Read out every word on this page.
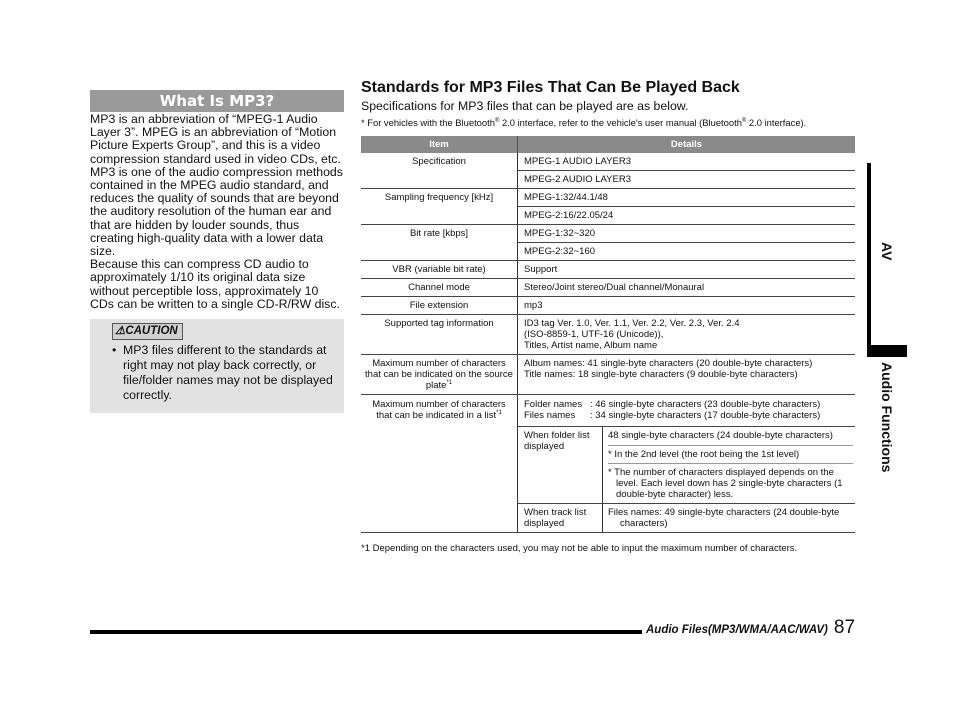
What Is MP3?

MP3 is an abbreviation of “MPEG-1 Audio Layer 3”. MPEG is an abbreviation of “Motion Picture Experts Group”, and this is a video compression standard used in video CDs, etc. MP3 is one of the audio compression methods contained in the MPEG audio standard, and reduces the quality of sounds that are beyond the auditory resolution of the human ear and that are hidden by louder sounds, thus creating high-quality data with a lower data size.

Because this can compress CD audio to approximately 1/10 its original data size without perceptible loss, approximately 10 CDs can be written to a single CD-R/RW disc.

⚠CAUTION
• MP3 files different to the standards at right may not play back correctly, or file/folder names may not be displayed correctly.
Standards for MP3 Files That Can Be Played Back
Specifications for MP3 files that can be played are as below.
* For vehicles with the Bluetooth® 2.0 interface, refer to the vehicle's user manual (Bluetooth® 2.0 interface).
Item	Details	
Specification	MPEG-1 AUDIO LAYER3	
	MPEG-2 AUDIO LAYER3	
Sampling frequency [kHz]	MPEG-1:32/44.1/48	
	MPEG-2:16/22.05/24	
Bit rate [kbps]	MPEG-1:32~320	
	MPEG-2:32~160	
VBR (variable bit rate)	Support	
Channel mode	Stereo/Joint stereo/Dual channel/Monaural	
File extension	mp3	
Supported tag information	ID3 tag Ver. 1.0, Ver. 1.1, Ver. 2.2, Ver. 2.3, Ver. 2.4
(ISO-8859-1, UTF-16 (Unicode)),
Titles, Artist name, Album name	

Maximum number of characters that can be indicated on the source plate$^{*1}$	Album names: 41 single-byte characters (20 double-byte characters)
Title names: 18 single-byte characters (9 double-byte characters)	

Maximum number of characters that can be indicated in a list$^{*1}$	Folder names : 46 single-byte characters (23 double-byte characters)
Files names : 34 single-byte characters (17 double-byte characters)	

	When folder list displayed	48 single-byte characters (24 double-byte characters)
* In the 2nd level (the root being the 1st level)
* The number of characters displayed depends on the level. Each level down has 2 single-byte characters (1 double-byte character) less.

	When track list displayed	Files names: 49 single-byte characters (24 double-byte characters)
*1 Depending on the characters used, you may not be able to input the maximum number of characters.
AV
Audio Functions
Audio Files(MP3/WMA/AAC/WAV) 87
